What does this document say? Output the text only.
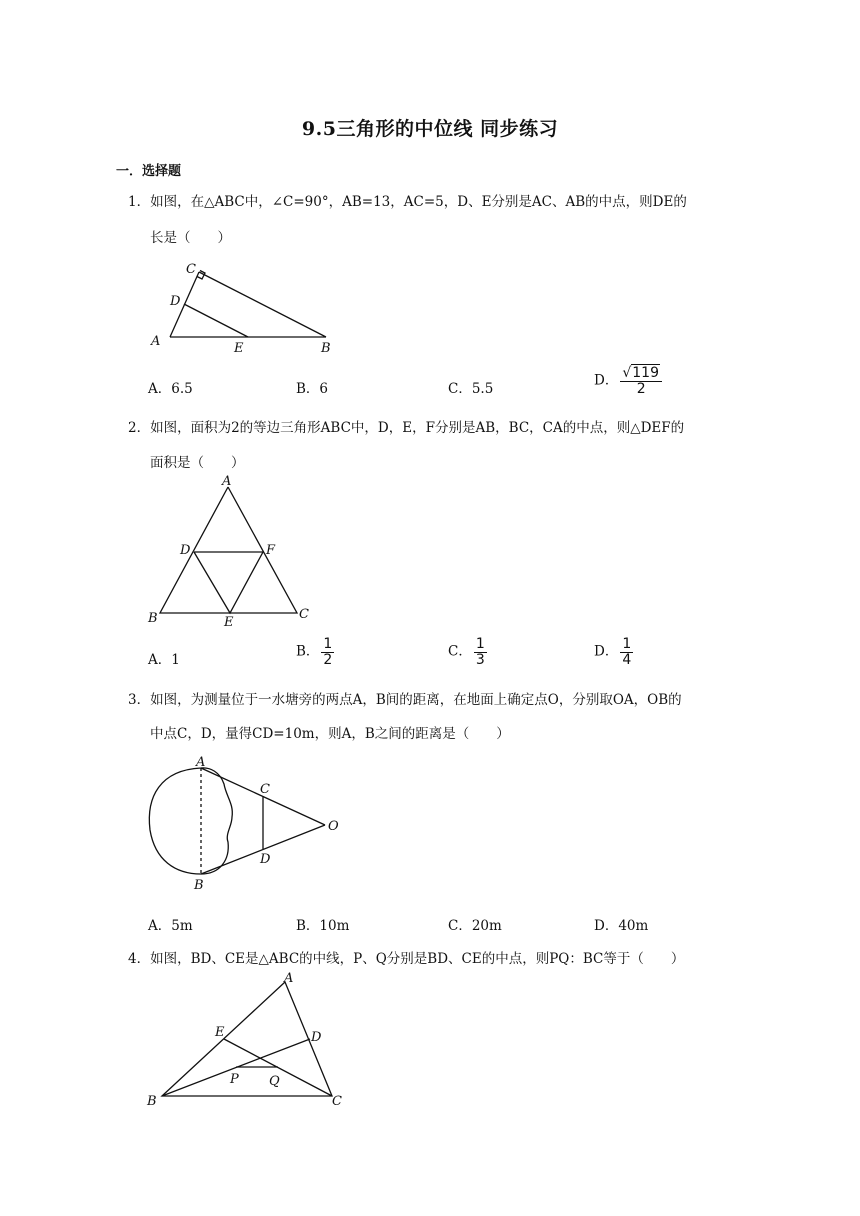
9.5三角形的中位线 同步练习
一．选择题
1．如图，在△ABC中，∠C=90°，AB=13，AC=5，D、E分别是AC、AB的中点，则DE的
长是（　　）
C
D
A	E	B
A．6.5	B．6	C．5.5
D． $\frac{√119}{2}$
2．如图，面积为2的等边三角形ABC中，D，E，F分别是AB，BC，CA的中点，则△DEF的
面积是（　　）
A
D	F
B	E
C
A．1
B． $\frac{1}{2}$	C． $\frac{1}{3}$	D． $\frac{1}{4}$
3．如图，为测量位于一水塘旁的两点A，B间的距离，在地面上确定点O，分别取OA，OB的
中点C，D，量得CD=10m，则A，B之间的距离是（　　）
A
C
O
D
B
A．5m	B．10m	C．20m	D．40m
4．如图，BD、CE是△ABC的中线，P、Q分别是BD、CE的中点，则PQ：BC等于（　　）
A
E	D
P Q
B	C
